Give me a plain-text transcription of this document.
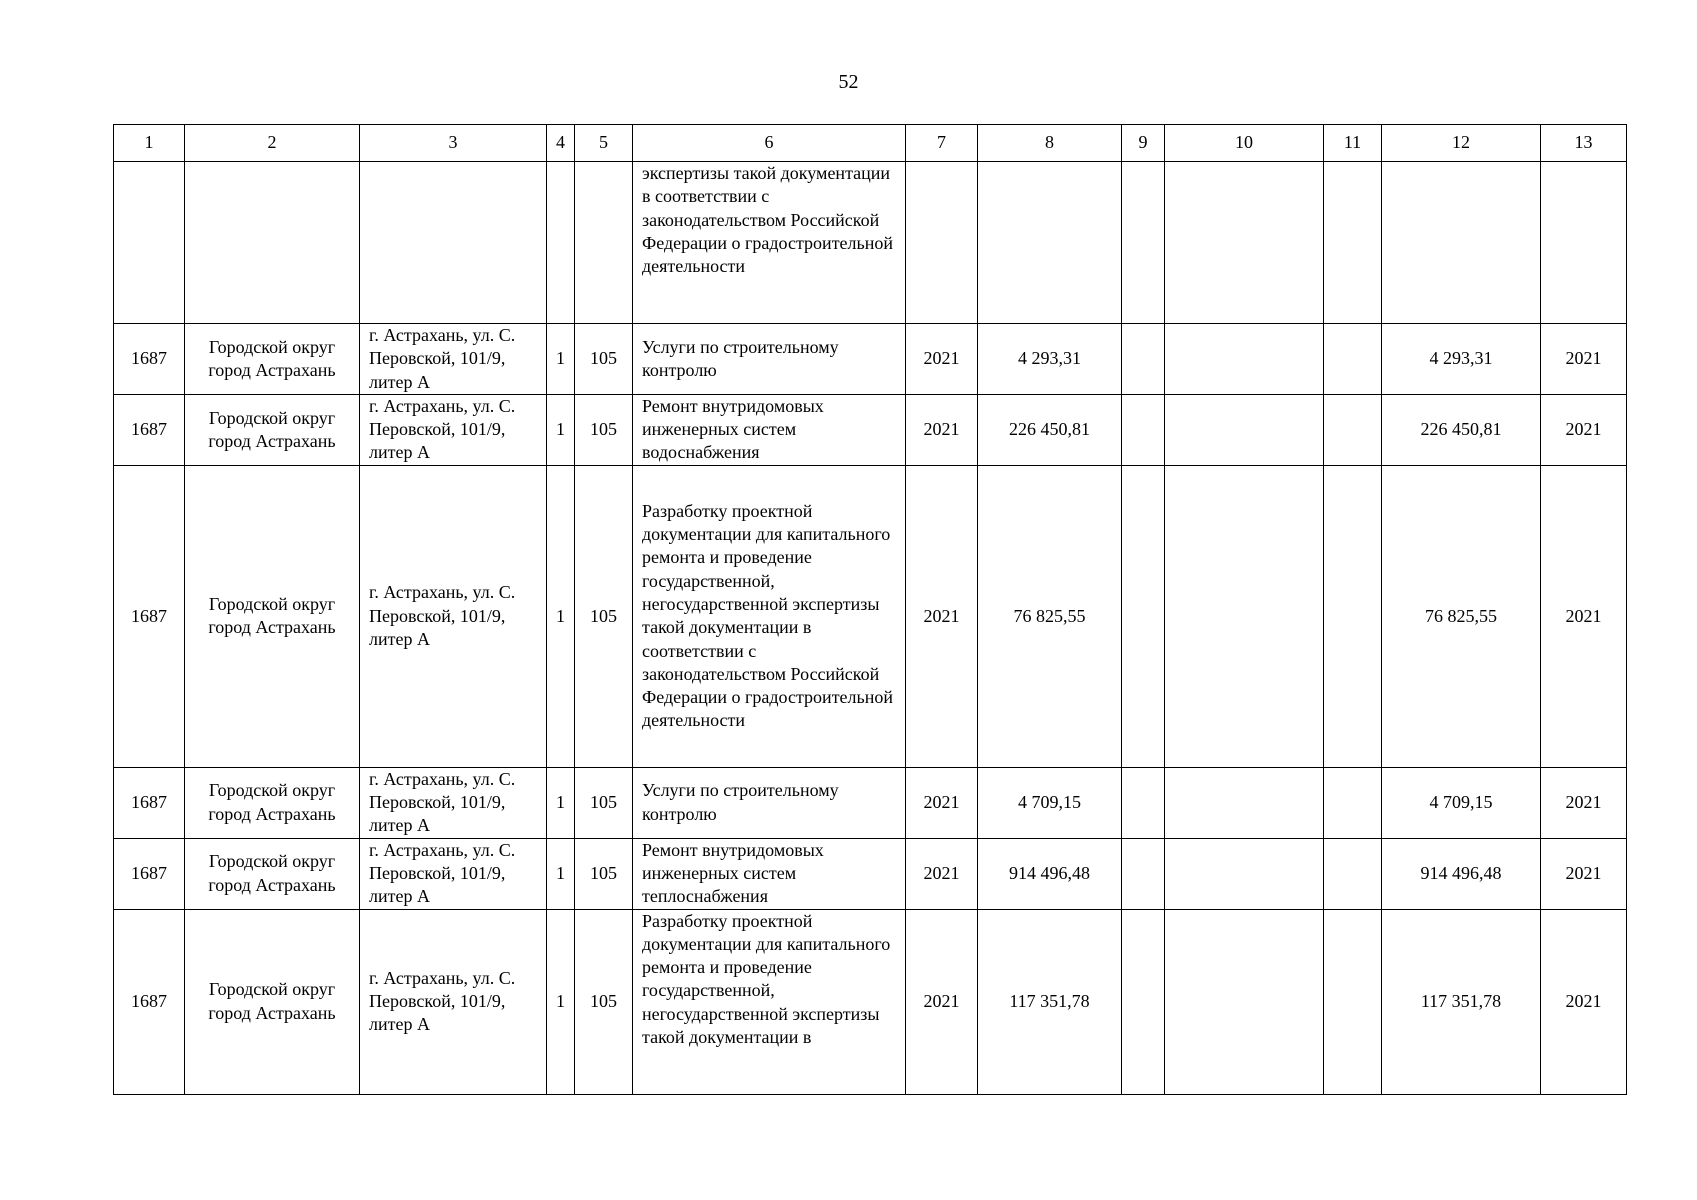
52
1	2	3	4	5	6	7	8	9	10	11	12	13
					экспертизы такой документации в соответствии с законодательством Российской Федерации о градостроительной деятельности							
1687	Городской округ город Астрахань	г. Астрахань, ул. С. Перовской, 101/9, литер А	1	105	Услуги по строительному контролю	2021	4 293,31				4 293,31	2021
1687	Городской округ город Астрахань	г. Астрахань, ул. С. Перовской, 101/9, литер А	1	105	Ремонт внутридомовых инженерных систем водоснабжения	2021	226 450,81				226 450,81	2021
1687	Городской округ город Астрахань	г. Астрахань, ул. С. Перовской, 101/9, литер А	1	105	Разработку проектной документации для капитального ремонта и проведение государственной, негосударственной экспертизы такой документации в соответствии с законодательством Российской Федерации о градостроительной деятельности	2021	76 825,55				76 825,55	2021
1687	Городской округ город Астрахань	г. Астрахань, ул. С. Перовской, 101/9, литер А	1	105	Услуги по строительному контролю	2021	4 709,15				4 709,15	2021
1687	Городской округ город Астрахань	г. Астрахань, ул. С. Перовской, 101/9, литер А	1	105	Ремонт внутридомовых инженерных систем теплоснабжения	2021	914 496,48				914 496,48	2021
1687	Городской округ город Астрахань	г. Астрахань, ул. С. Перовской, 101/9, литер А	1	105	Разработку проектной документации для капитального ремонта и проведение государственной, негосударственной экспертизы такой документации в	2021	117 351,78				117 351,78	2021
